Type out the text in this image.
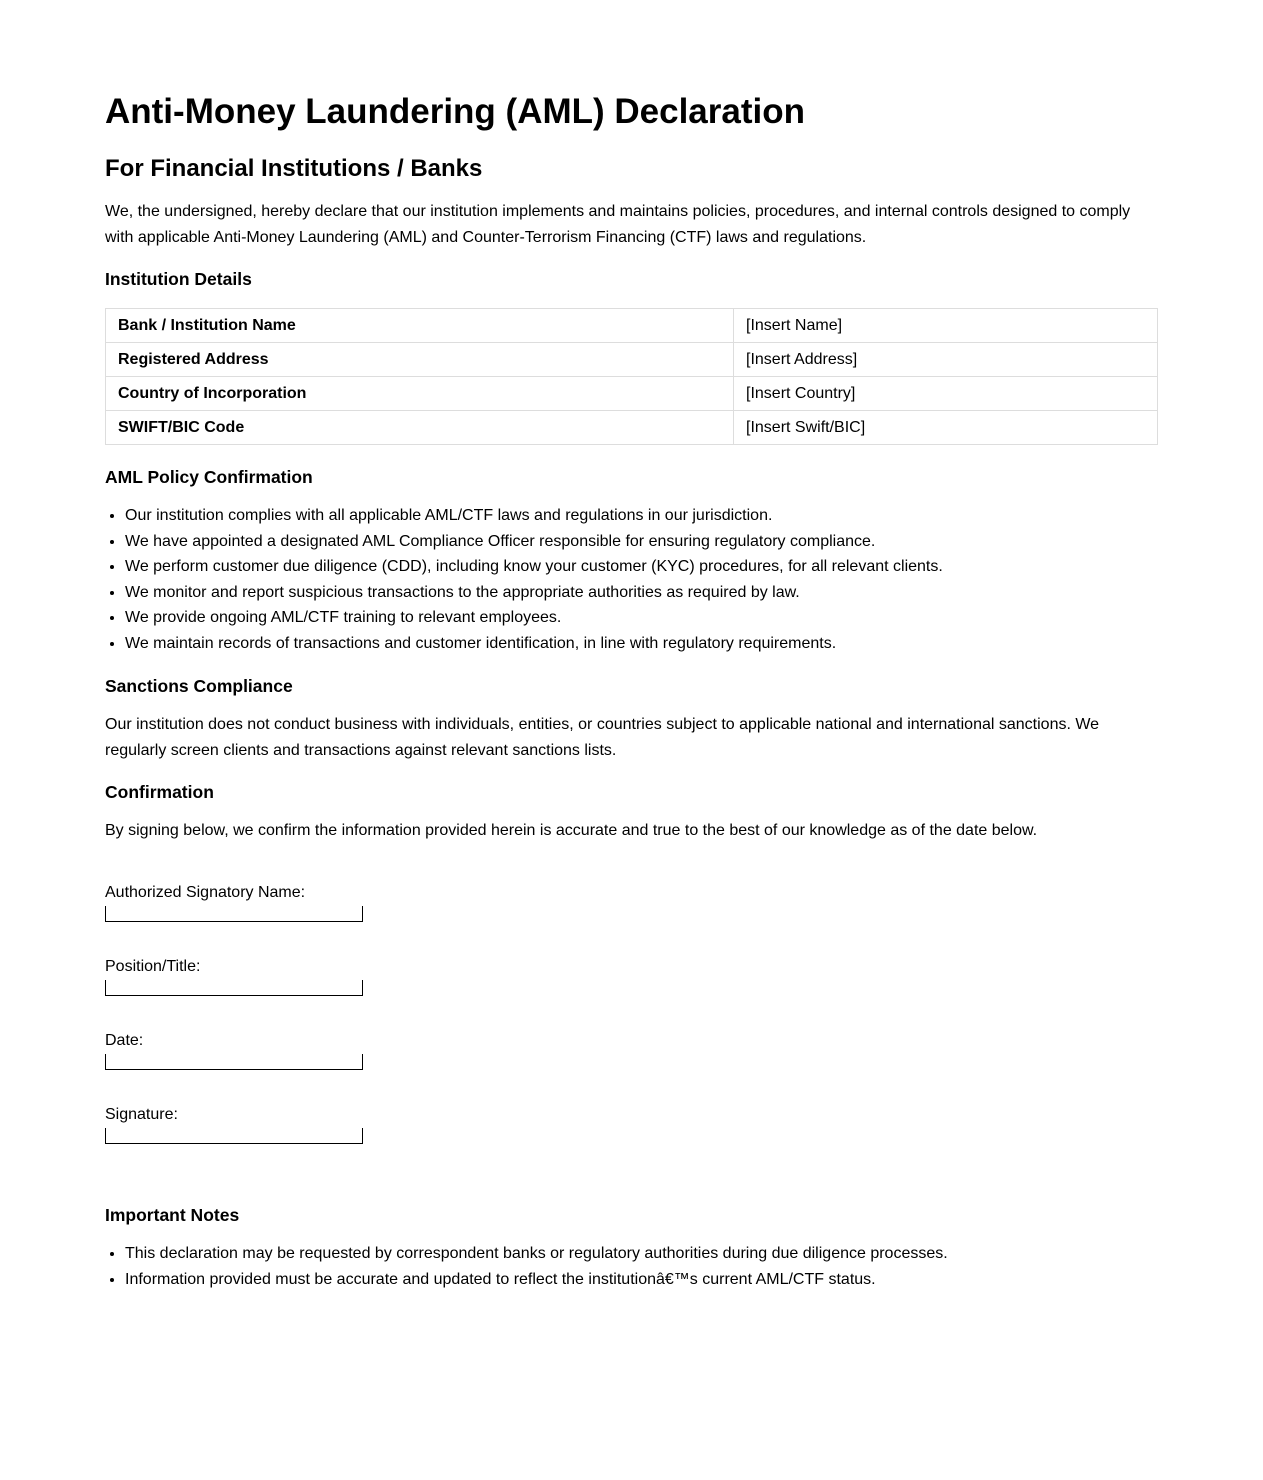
Anti-Money Laundering (AML) Declaration
For Financial Institutions / Banks

We, the undersigned, hereby declare that our institution implements and maintains policies, procedures, and internal controls designed to comply with applicable Anti-Money Laundering (AML) and Counter-Terrorism Financing (CTF) laws and regulations.

Institution Details
Bank / Institution Name	[Insert Name]
Registered Address	[Insert Address]
Country of Incorporation	[Insert Country]
SWIFT/BIC Code	[Insert Swift/BIC]
AML Policy Confirmation
• Our institution complies with all applicable AML/CTF laws and regulations in our jurisdiction.
• We have appointed a designated AML Compliance Officer responsible for ensuring regulatory compliance.
• We perform customer due diligence (CDD), including know your customer (KYC) procedures, for all relevant clients.
• We monitor and report suspicious transactions to the appropriate authorities as required by law.
• We provide ongoing AML/CTF training to relevant employees.
• We maintain records of transactions and customer identification, in line with regulatory requirements.
Sanctions Compliance

Our institution does not conduct business with individuals, entities, or countries subject to applicable national and international sanctions. We regularly screen clients and transactions against relevant sanctions lists.

Confirmation

By signing below, we confirm the information provided herein is accurate and true to the best of our knowledge as of the date below.

Authorized Signatory Name:
Position/Title:
Date:
Signature:
Important Notes
• This declaration may be requested by correspondent banks or regulatory authorities during due diligence processes.
• Information provided must be accurate and updated to reflect the institutionâ€™s current AML/CTF status.
